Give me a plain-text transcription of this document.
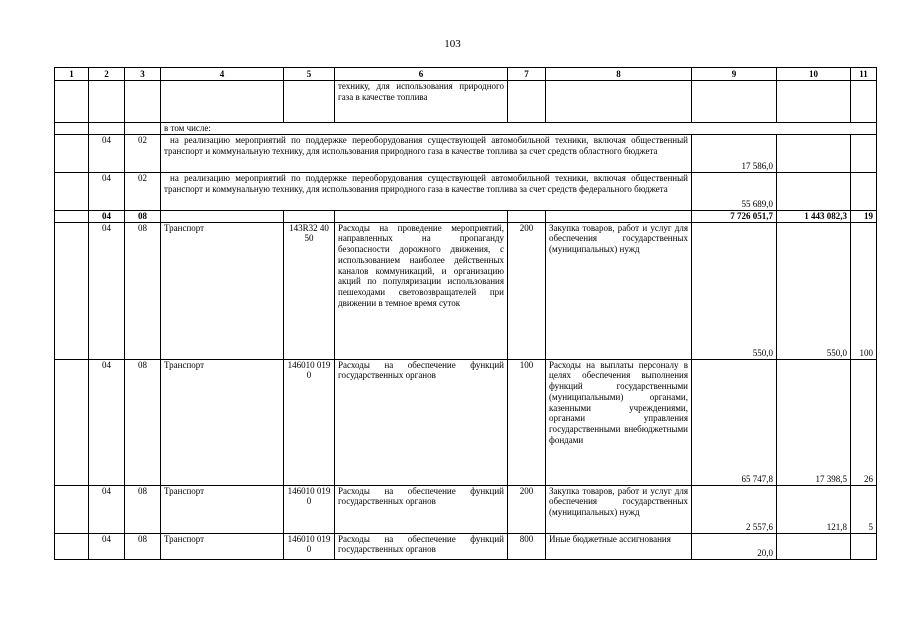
103
1	2	3	4	5	6	7	8	9	10	11
					технику, для использования природного газа в качестве топлива					
			в том числе:							
	04	02	на реализацию мероприятий по поддержке переоборудования существующей автомобильной техники, включая общественный транспорт и коммунальную технику, для использования природного газа в качестве топлива за счет средств областного бюджета					17 586,0		
	04	02	на реализацию мероприятий по поддержке переоборудования существующей автомобильной техники, включая общественный транспорт и коммунальную технику, для использования природного газа в качестве топлива за счет средств федерального бюджета					55 689,0		
	04	08						7 726 051,7	1 443 082,3	19
	04	08	Транспорт	143R32 4050	Расходы на проведение мероприятий, направленных на пропаганду безопасности дорожного движения, с использованием наиболее действенных каналов коммуникаций, и организацию акций по популяризации использования пешеходами световозвращателей при движении в темное время суток	200	Закупка товаров, работ и услуг для обеспечения государственных (муниципальных) нужд	550,0	550,0	100
	04	08	Транспорт	146010 0190	Расходы на обеспечение функций государственных органов	100	Расходы на выплаты персоналу в целях обеспечения выполнения функций государственными (муниципальными) органами, казенными учреждениями, органами управления государственными внебюджетными фондами	65 747,8	17 398,5	26
	04	08	Транспорт	146010 0190	Расходы на обеспечение функций государственных органов	200	Закупка товаров, работ и услуг для обеспечения государственных (муниципальных) нужд	2 557,6	121,8	5
	04	08	Транспорт	146010 0190	Расходы на обеспечение функций государственных органов	800	Иные бюджетные ассигнования	20,0		
